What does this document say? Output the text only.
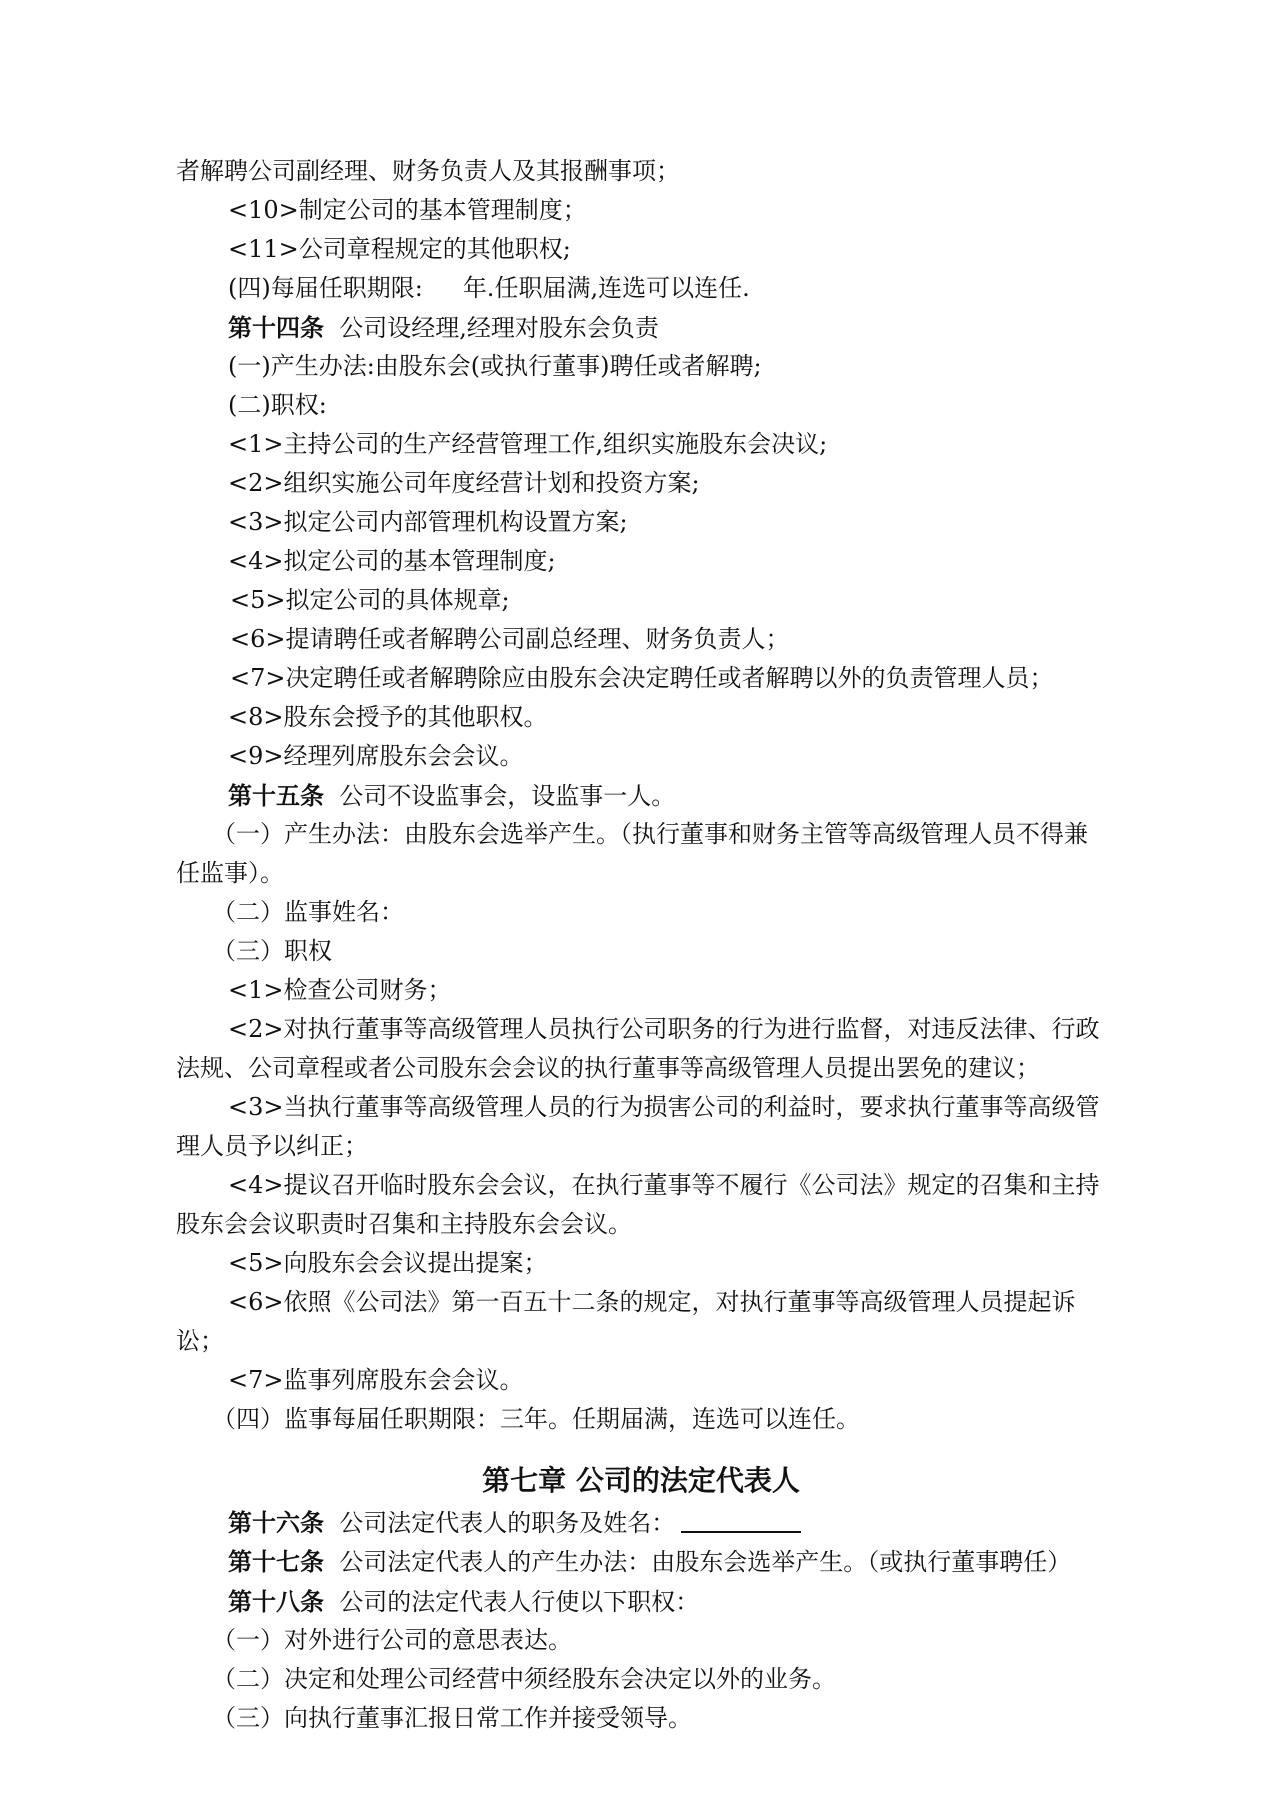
者解聘公司副经理、财务负责人及其报酬事项；
<10>制定公司的基本管理制度；
<11>公司章程规定的其他职权;
(四)每届任职期限: 年.任职届满,连选可以连任.
第十四条 公司设经理,经理对股东会负责
(一)产生办法:由股东会(或执行董事)聘任或者解聘;
(二)职权:
<1>主持公司的生产经营管理工作,组织实施股东会决议;
<2>组织实施公司年度经营计划和投资方案;
<3>拟定公司内部管理机构设置方案;
<4>拟定公司的基本管理制度;
<5>拟定公司的具体规章;
<6>提请聘任或者解聘公司副总经理、财务负责人；
<7>决定聘任或者解聘除应由股东会决定聘任或者解聘以外的负责管理人员；
<8>股东会授予的其他职权。
<9>经理列席股东会会议。
第十五条 公司不设监事会，设监事一人。
（一）产生办法：由股东会选举产生。（执行董事和财务主管等高级管理人员不得兼任监事）。
（二）监事姓名：
（三）职权
<1>检查公司财务；
<2>对执行董事等高级管理人员执行公司职务的行为进行监督，对违反法律、行政法规、公司章程或者公司股东会会议的执行董事等高级管理人员提出罢免的建议；
<3>当执行董事等高级管理人员的行为损害公司的利益时，要求执行董事等高级管理人员予以纠正；
<4>提议召开临时股东会会议，在执行董事等不履行《公司法》规定的召集和主持股东会会议职责时召集和主持股东会会议。
<5>向股东会会议提出提案；
<6>依照《公司法》第一百五十二条的规定，对执行董事等高级管理人员提起诉讼；
<7>监事列席股东会会议。
（四）监事每届任职期限：三年。任期届满，连选可以连任。
第七章 公司的法定代表人
第十六条 公司法定代表人的职务及姓名：
第十七条 公司法定代表人的产生办法：由股东会选举产生。（或执行董事聘任）
第十八条 公司的法定代表人行使以下职权：
（一）对外进行公司的意思表达。
（二）决定和处理公司经营中须经股东会决定以外的业务。
（三）向执行董事汇报日常工作并接受领导。
